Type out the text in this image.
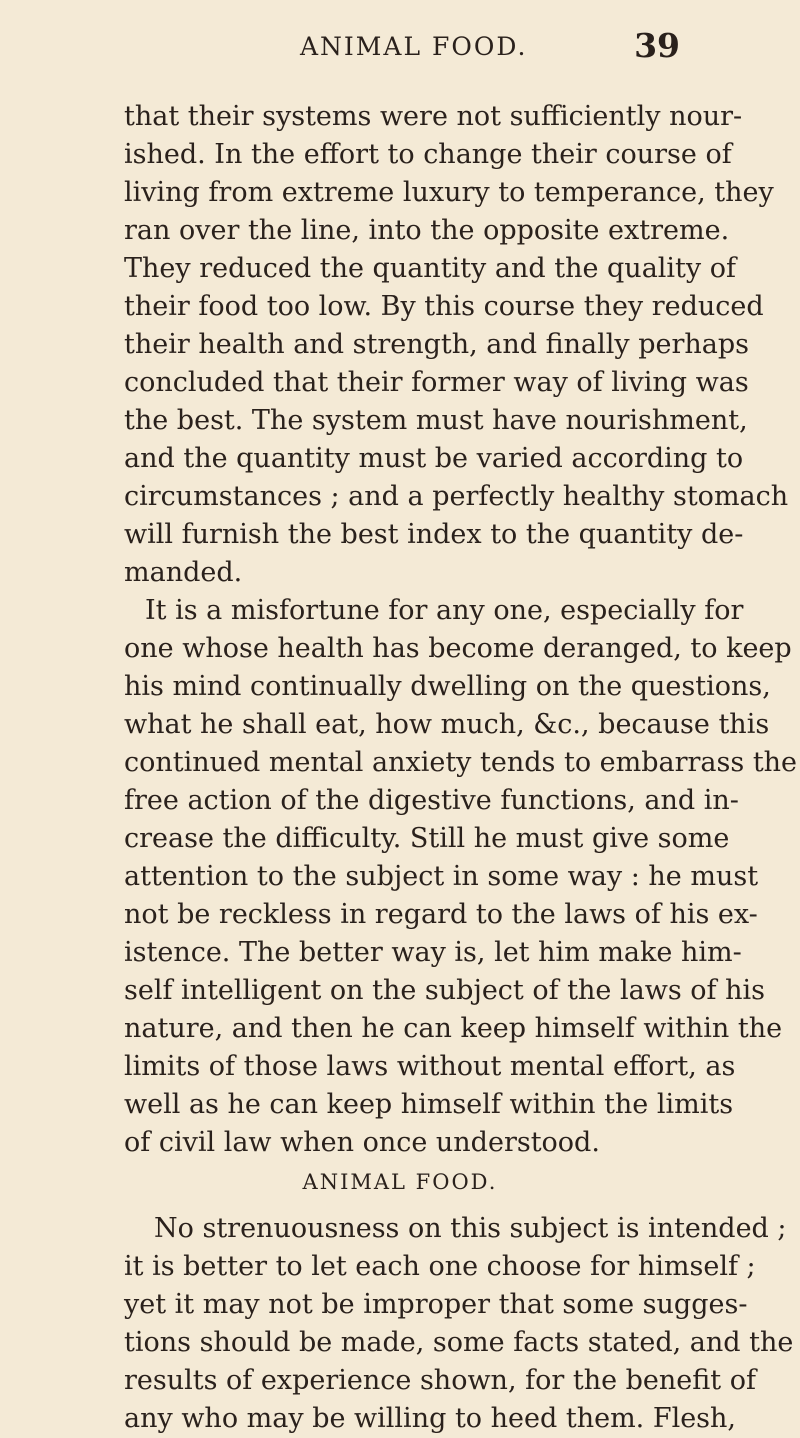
ANIMAL FOOD.	39
that their systems were not sufficiently nour-
ished. In the effort to change their course of
living from extreme luxury to temperance, they
ran over the line, into the opposite extreme.
They reduced the quantity and the quality of
their food too low. By this course they reduced
their health and strength, and finally perhaps
concluded that their former way of living was
the best. The system must have nourishment,
and the quantity must be varied according to
circumstances ; and a perfectly healthy stomach
will furnish the best index to the quantity de-
manded.
It is a misfortune for any one, especially for
one whose health has become deranged, to keep
his mind continually dwelling on the questions,
what he shall eat, how much, &c., because this
continued mental anxiety tends to embarrass the
free action of the digestive functions, and in-
crease the difficulty. Still he must give some
attention to the subject in some way : he must
not be reckless in regard to the laws of his ex-
istence. The better way is, let him make him-
self intelligent on the subject of the laws of his
nature, and then he can keep himself within the
limits of those laws without mental effort, as
well as he can keep himself within the limits
of civil law when once understood.
ANIMAL FOOD.
No strenuousness on this subject is intended ;
it is better to let each one choose for himself ;
yet it may not be improper that some sugges-
tions should be made, some facts stated, and the
results of experience shown, for the benefit of
any who may be willing to heed them. Flesh,
